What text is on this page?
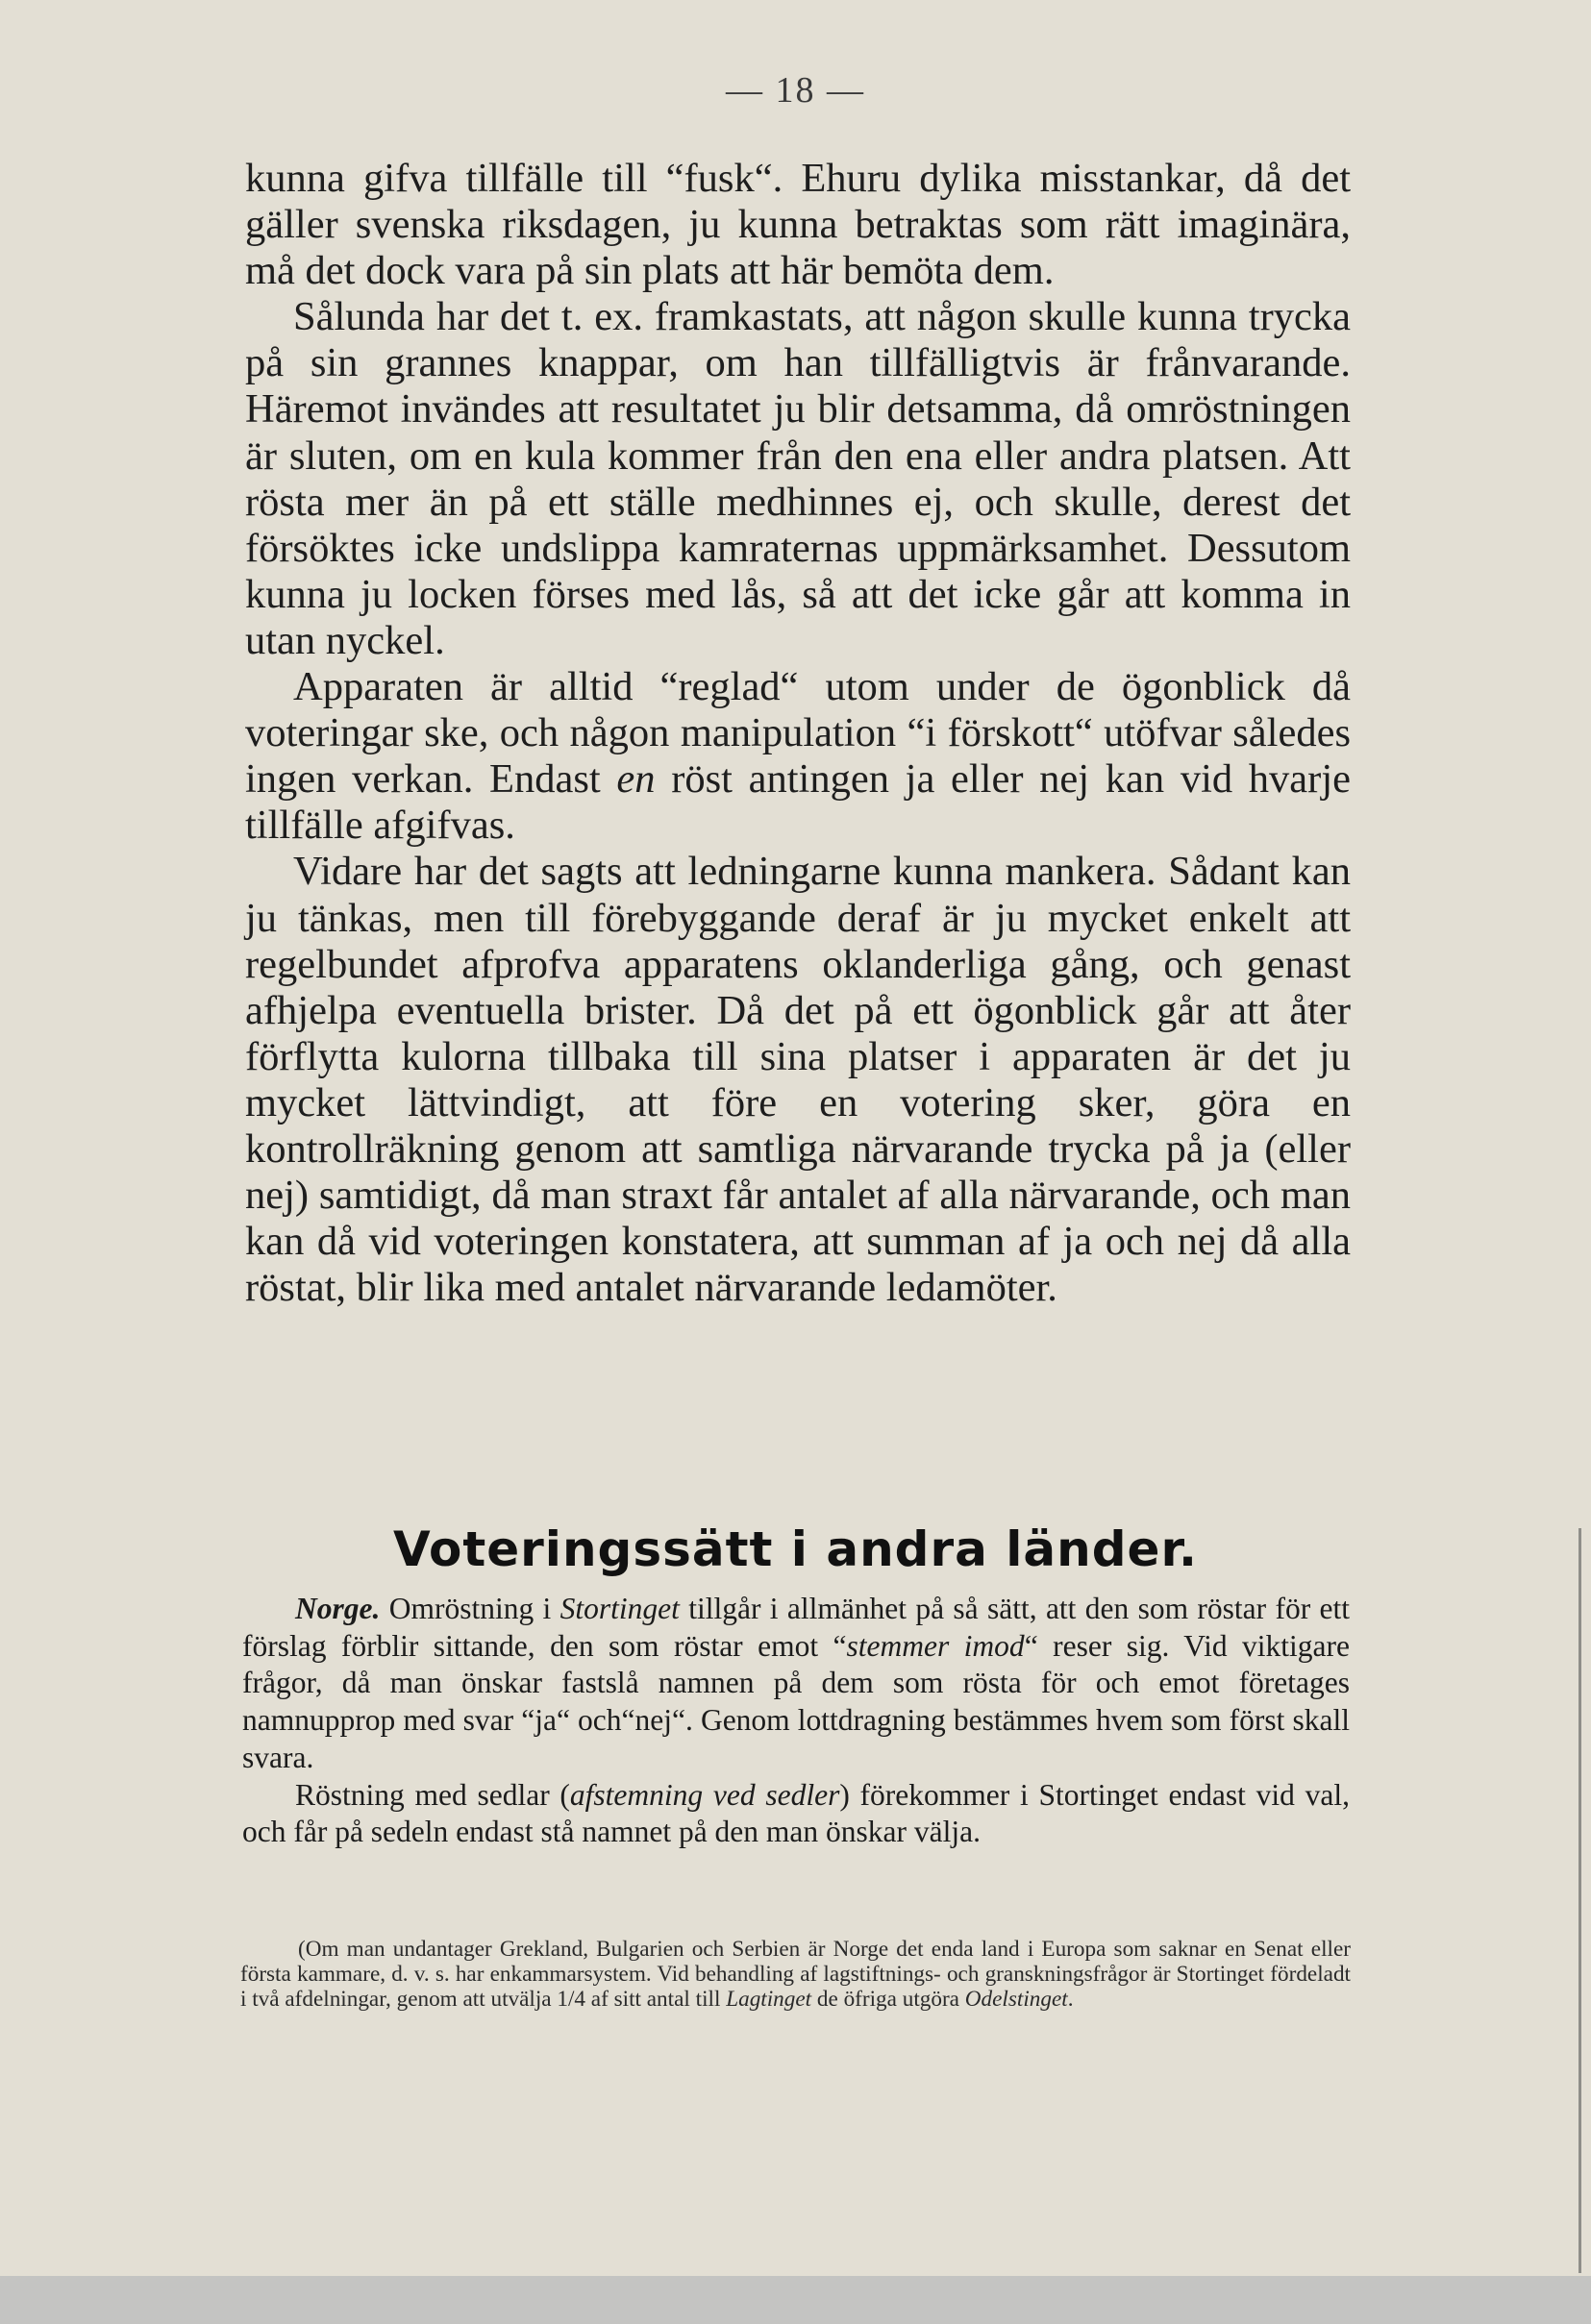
— 18 —

kunna gifva tillfälle till “fusk“. Ehuru dylika misstankar, då det gäller svenska riksdagen, ju kunna betraktas som rätt imaginära, må det dock vara på sin plats att här bemöta dem.

Sålunda har det t. ex. framkastats, att någon skulle kunna trycka på sin grannes knappar, om han tillfälligtvis är frånvarande. Häremot invändes att resultatet ju blir detsamma, då omröstningen är sluten, om en kula kommer från den ena eller andra platsen. Att rösta mer än på ett ställe medhinnes ej, och skulle, derest det försöktes icke undslippa kamraternas uppmärksamhet. Dessutom kunna ju locken förses med lås, så att det icke går att komma in utan nyckel.

Apparaten är alltid “reglad“ utom under de ögonblick då voteringar ske, och någon manipulation “i förskott“ utöfvar således ingen verkan. Endast en röst antingen ja eller nej kan vid hvarje tillfälle afgifvas.

Vidare har det sagts att ledningarne kunna mankera. Sådant kan ju tänkas, men till förebyggande deraf är ju mycket enkelt att regelbundet afprofva apparatens oklanderliga gång, och genast afhjelpa eventuella brister. Då det på ett ögonblick går att åter förflytta kulorna tillbaka till sina platser i apparaten är det ju mycket lättvindigt, att före en votering sker, göra en kontrollräkning genom att samtliga närvarande trycka på ja (eller nej) samtidigt, då man straxt får antalet af alla närvarande, och man kan då vid voteringen konstatera, att summan af ja och nej då alla röstat, blir lika med antalet närvarande ledamöter.

Voteringssätt i andra länder.

Norge. Omröstning i Stortinget tillgår i allmänhet på så sätt, att den som röstar för ett förslag förblir sittande, den som röstar emot “stemmer imod“ reser sig. Vid viktigare frågor, då man önskar fastslå namnen på dem som rösta för och emot företages namnupprop med svar “ja“ och“nej“. Genom lottdragning bestämmes hvem som först skall svara.

Röstning med sedlar (afstemning ved sedler) förekommer i Stortinget endast vid val, och får på sedeln endast stå namnet på den man önskar välja.

(Om man undantager Grekland, Bulgarien och Serbien är Norge det enda land i Europa som saknar en Senat eller första kammare, d. v. s. har enkammarsystem. Vid behandling af lagstiftnings- och granskningsfrågor är Stortinget fördeladt i två afdelningar, genom att utvälja 1/4 af sitt antal till Lagtinget de öfriga utgöra Odelstinget.
